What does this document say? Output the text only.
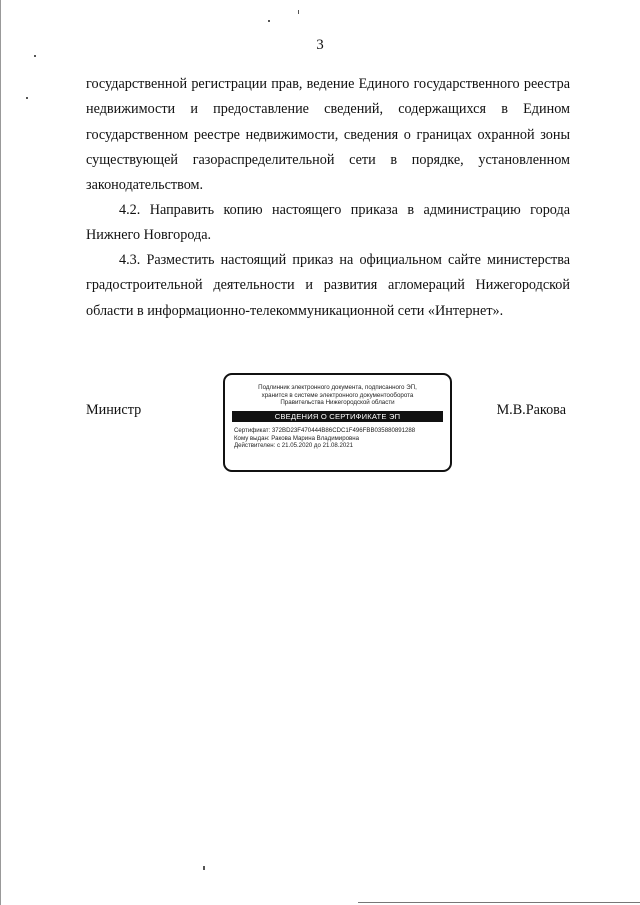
3

государственной регистрации прав, ведение Единого государственного реестра недвижимости и предоставление сведений, содержащихся в Едином государственном реестре недвижимости, сведения о границах охранной зоны существующей газораспределительной сети в порядке, установленном законодательством.

4.2. Направить копию настоящего приказа в администрацию города Нижнего Новгорода.

4.3. Разместить настоящий приказ на официальном сайте министерства градостроительной деятельности и развития агломераций Нижегородской области в информационно-телекоммуникационной сети «Интернет».

Министр	М.В.Ракова
Подлинник электронного документа, подписанного ЭП,
хранится в системе электронного документооборота
Правительства Нижегородской области
СВЕДЕНИЯ О СЕРТИФИКАТЕ ЭП
Сертификат: 372BD23F470444B86CDC1F496FBB035880891288
Кому выдан: Ракова Марина Владимировна
Действителен: с 21.05.2020 до 21.08.2021
